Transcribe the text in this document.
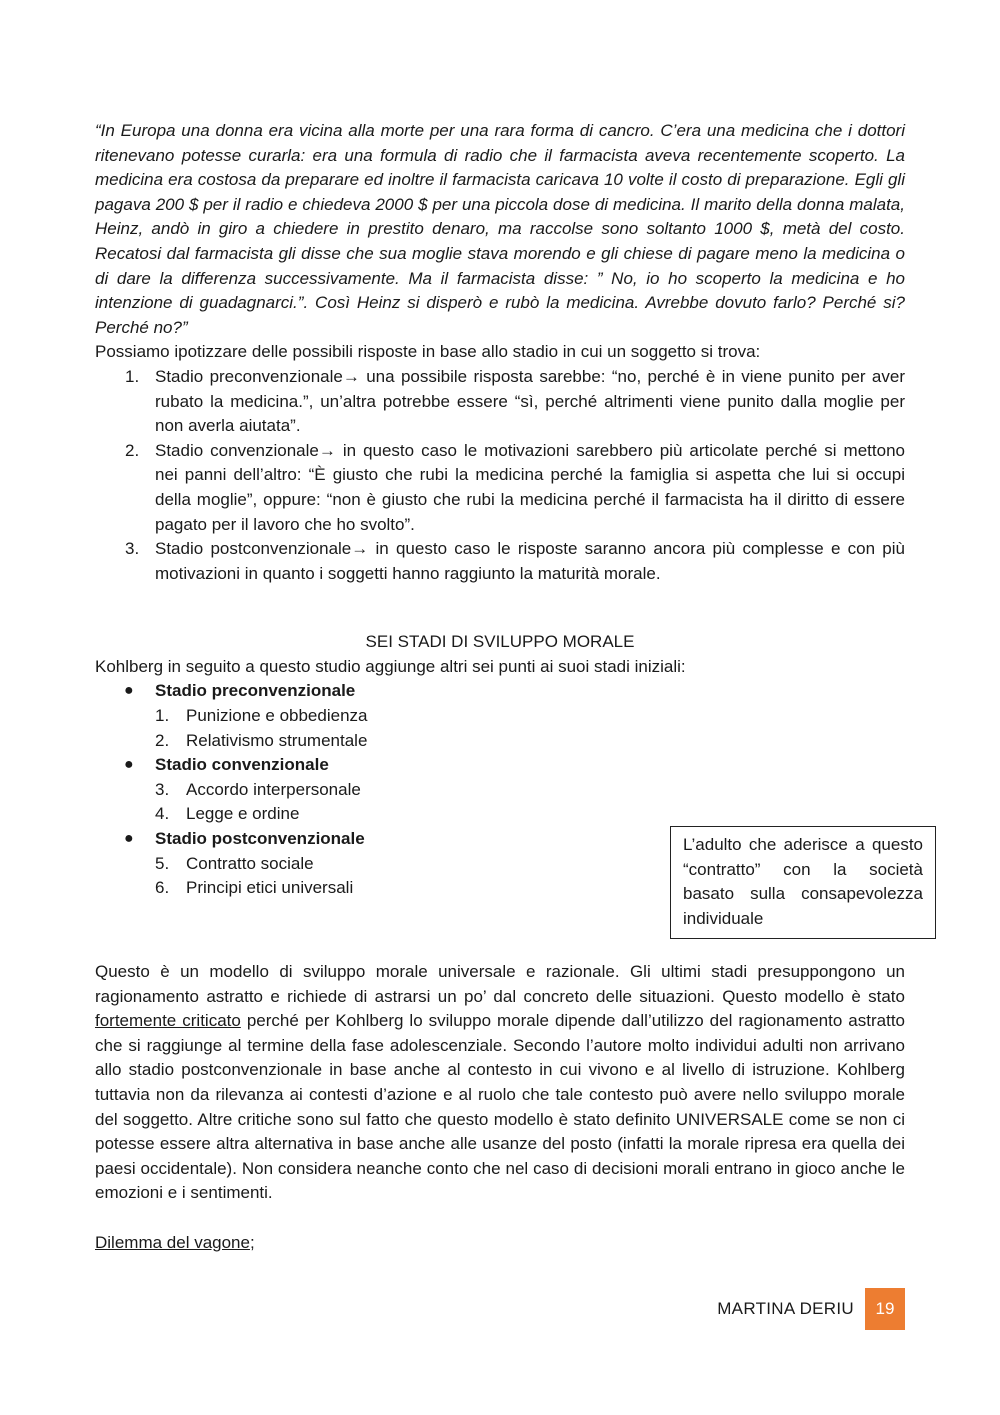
“In Europa una donna era vicina alla morte per una rara forma di cancro. C’era una medicina che i dottori ritenevano potesse curarla: era una formula di radio che il farmacista aveva recentemente scoperto. La medicina era costosa da preparare ed inoltre il farmacista caricava 10 volte il costo di preparazione. Egli gli pagava 200 $ per il radio e chiedeva 2000 $ per una piccola dose di medicina. Il marito della donna malata, Heinz, andò in giro a chiedere in prestito denaro, ma raccolse sono soltanto 1000 $, metà del costo. Recatosi dal farmacista gli disse che sua moglie stava morendo e gli chiese di pagare meno la medicina o di dare la differenza successivamente. Ma il farmacista disse: ” No, io ho scoperto la medicina e ho intenzione di guadagnarci.”. Così Heinz si disperò e rubò la medicina. Avrebbe dovuto farlo? Perché si? Perché no?”

Possiamo ipotizzare delle possibili risposte in base allo stadio in cui un soggetto si trova:

1. Stadio preconvenzionale→ una possibile risposta sarebbe: “no, perché è in viene punito per aver rubato la medicina.”, un’altra potrebbe essere “sì, perché altrimenti viene punito dalla moglie per non averla aiutata”.
2. Stadio convenzionale→ in questo caso le motivazioni sarebbero più articolate perché si mettono nei panni dell’altro: “È giusto che rubi la medicina perché la famiglia si aspetta che lui si occupi della moglie”, oppure: “non è giusto che rubi la medicina perché il farmacista ha il diritto di essere pagato per il lavoro che ho svolto”.
3. Stadio postconvenzionale→ in questo caso le risposte saranno ancora più complesse e con più motivazioni in quanto i soggetti hanno raggiunto la maturità morale.

SEI STADI DI SVILUPPO MORALE

Kohlberg in seguito a questo studio aggiunge altri sei punti ai suoi stadi iniziali:

● Stadio preconvenzionale
1. Punizione e obbedienza
2. Relativismo strumentale
● Stadio convenzionale
3. Accordo interpersonale
4. Legge e ordine
● Stadio postconvenzionale
5. Contratto sociale
6. Principi etici universali
L’adulto che aderisce a questo “contratto” con la società basato sulla consapevolezza individuale

Questo è un modello di sviluppo morale universale e razionale. Gli ultimi stadi presuppongono un ragionamento astratto e richiede di astrarsi un po’ dal concreto delle situazioni. Questo modello è stato fortemente criticato perché per Kohlberg lo sviluppo morale dipende dall’utilizzo del ragionamento astratto che si raggiunge al termine della fase adolescenziale. Secondo l’autore molto individui adulti non arrivano allo stadio postconvenzionale in base anche al contesto in cui vivono e al livello di istruzione. Kohlberg tuttavia non da rilevanza ai contesti d’azione e al ruolo che tale contesto può avere nello sviluppo morale del soggetto. Altre critiche sono sul fatto che questo modello è stato definito UNIVERSALE come se non ci potesse essere altra alternativa in base anche alle usanze del posto (infatti la morale ripresa era quella dei paesi occidentale). Non considera neanche conto che nel caso di decisioni morali entrano in gioco anche le emozioni e i sentimenti.

Dilemma del vagone;

MARTINA DERIU	19
